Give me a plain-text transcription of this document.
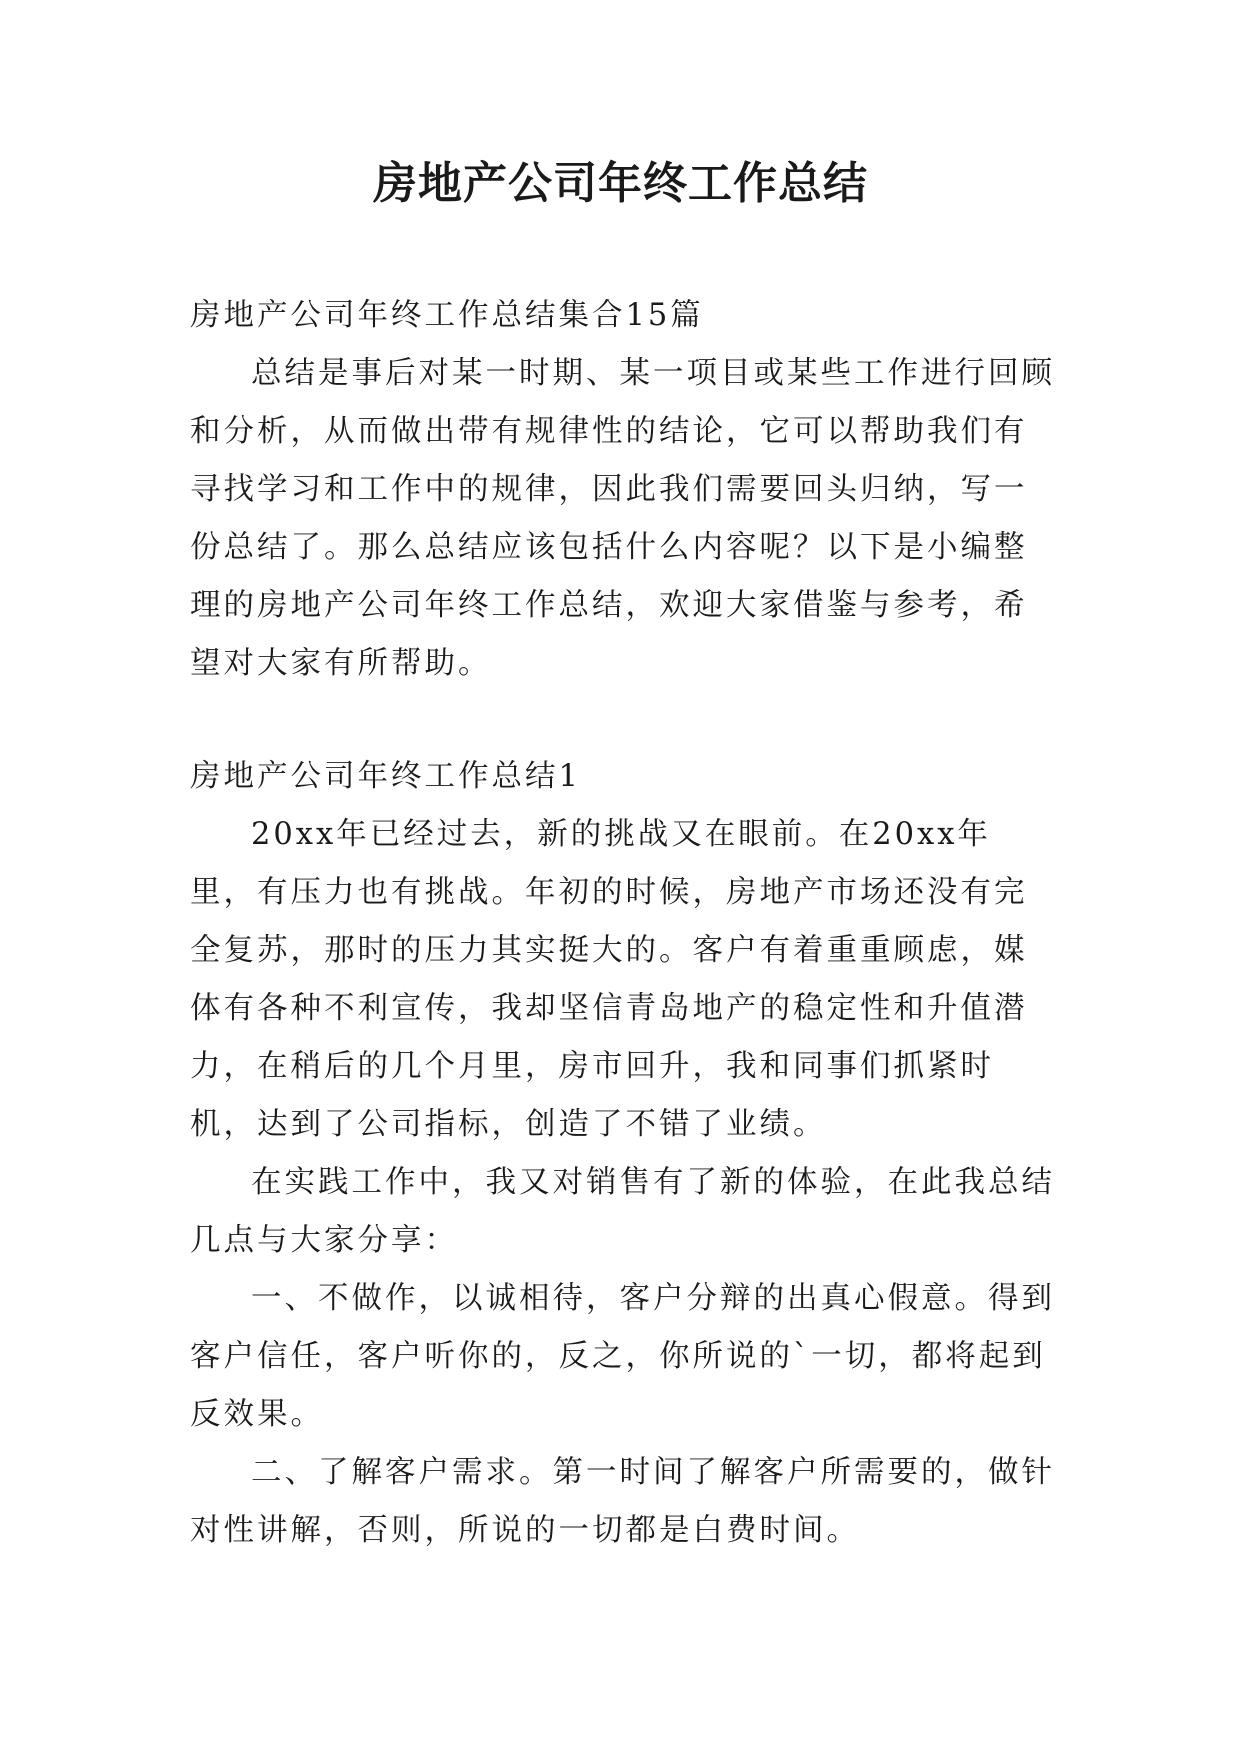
房地产公司年终工作总结

房地产公司年终工作总结集合15篇

总结是事后对某一时期、某一项目或某些工作进行回顾和分析，从而做出带有规律性的结论，它可以帮助我们有寻找学习和工作中的规律，因此我们需要回头归纳，写一份总结了。那么总结应该包括什么内容呢？以下是小编整理的房地产公司年终工作总结，欢迎大家借鉴与参考，希望对大家有所帮助。

房地产公司年终工作总结1

20xx年已经过去，新的挑战又在眼前。在20xx年里，有压力也有挑战。年初的时候，房地产市场还没有完全复苏，那时的压力其实挺大的。客户有着重重顾虑，媒体有各种不利宣传，我却坚信青岛地产的稳定性和升值潜力，在稍后的几个月里，房市回升，我和同事们抓紧时机，达到了公司指标，创造了不错了业绩。

在实践工作中，我又对销售有了新的体验，在此我总结几点与大家分享：

一、不做作，以诚相待，客户分辩的出真心假意。得到客户信任，客户听你的，反之，你所说的`一切，都将起到反效果。

二、了解客户需求。第一时间了解客户所需要的，做针对性讲解，否则，所说的一切都是白费时间。
